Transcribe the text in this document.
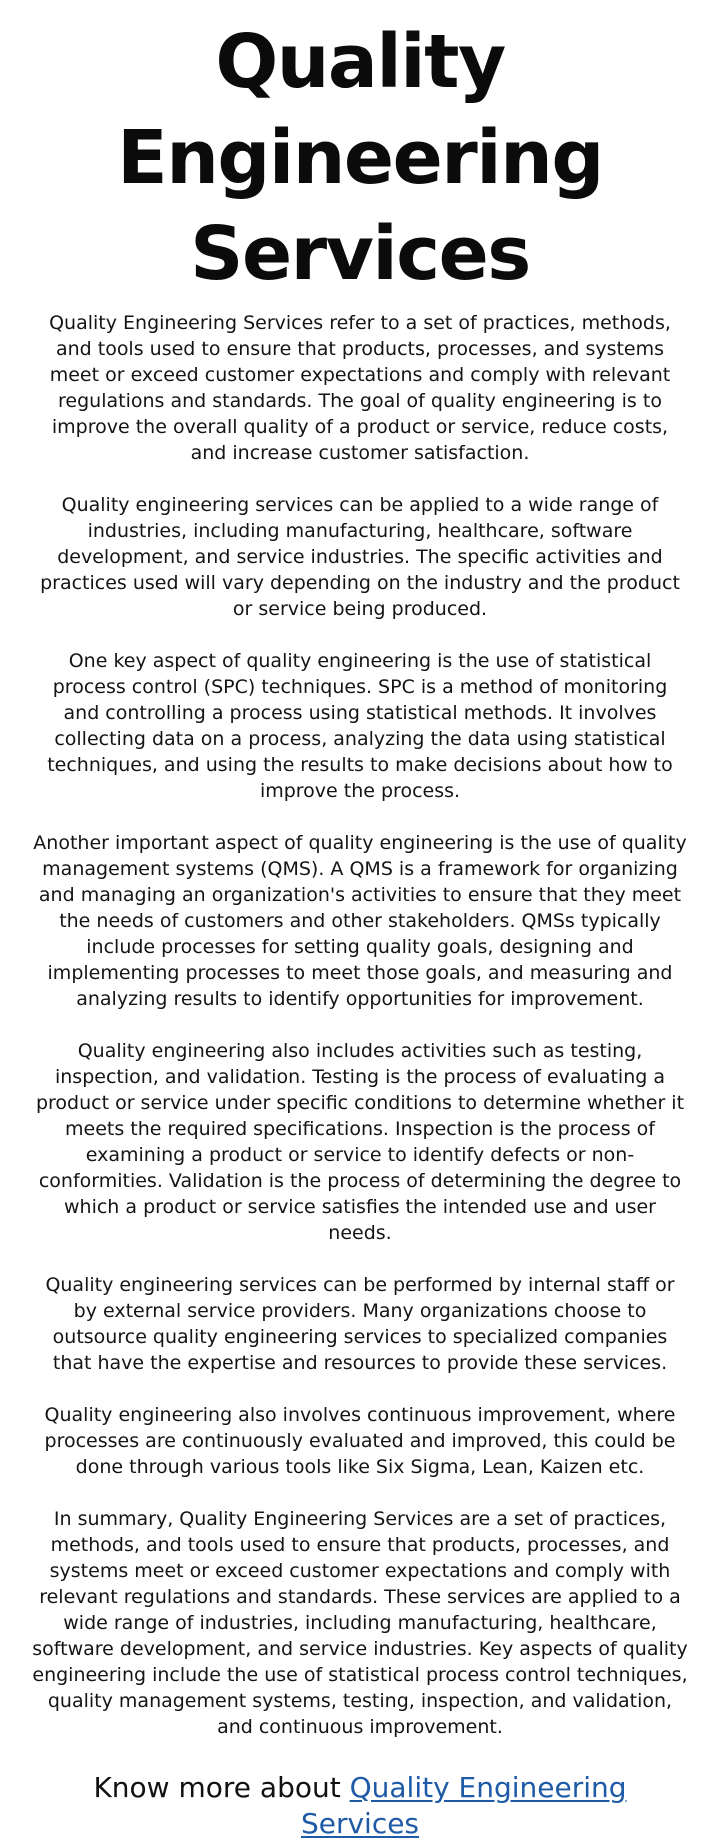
Quality Engineering Services

Quality Engineering Services refer to a set of practices, methods, and tools used to ensure that products, processes, and systems meet or exceed customer expectations and comply with relevant regulations and standards. The goal of quality engineering is to improve the overall quality of a product or service, reduce costs, and increase customer satisfaction.

Quality engineering services can be applied to a wide range of industries, including manufacturing, healthcare, software development, and service industries. The specific activities and practices used will vary depending on the industry and the product or service being produced.

One key aspect of quality engineering is the use of statistical process control (SPC) techniques. SPC is a method of monitoring and controlling a process using statistical methods. It involves collecting data on a process, analyzing the data using statistical techniques, and using the results to make decisions about how to improve the process.

Another important aspect of quality engineering is the use of quality management systems (QMS). A QMS is a framework for organizing and managing an organization's activities to ensure that they meet the needs of customers and other stakeholders. QMSs typically include processes for setting quality goals, designing and implementing processes to meet those goals, and measuring and analyzing results to identify opportunities for improvement.

Quality engineering also includes activities such as testing, inspection, and validation. Testing is the process of evaluating a product or service under specific conditions to determine whether it meets the required specifications. Inspection is the process of examining a product or service to identify defects or non-conformities. Validation is the process of determining the degree to which a product or service satisfies the intended use and user needs.

Quality engineering services can be performed by internal staff or by external service providers. Many organizations choose to outsource quality engineering services to specialized companies that have the expertise and resources to provide these services.

Quality engineering also involves continuous improvement, where processes are continuously evaluated and improved, this could be done through various tools like Six Sigma, Lean, Kaizen etc.

In summary, Quality Engineering Services are a set of practices, methods, and tools used to ensure that products, processes, and systems meet or exceed customer expectations and comply with relevant regulations and standards. These services are applied to a wide range of industries, including manufacturing, healthcare, software development, and service industries. Key aspects of quality engineering include the use of statistical process control techniques, quality management systems, testing, inspection, and validation, and continuous improvement.

Know more about Quality Engineering Services
